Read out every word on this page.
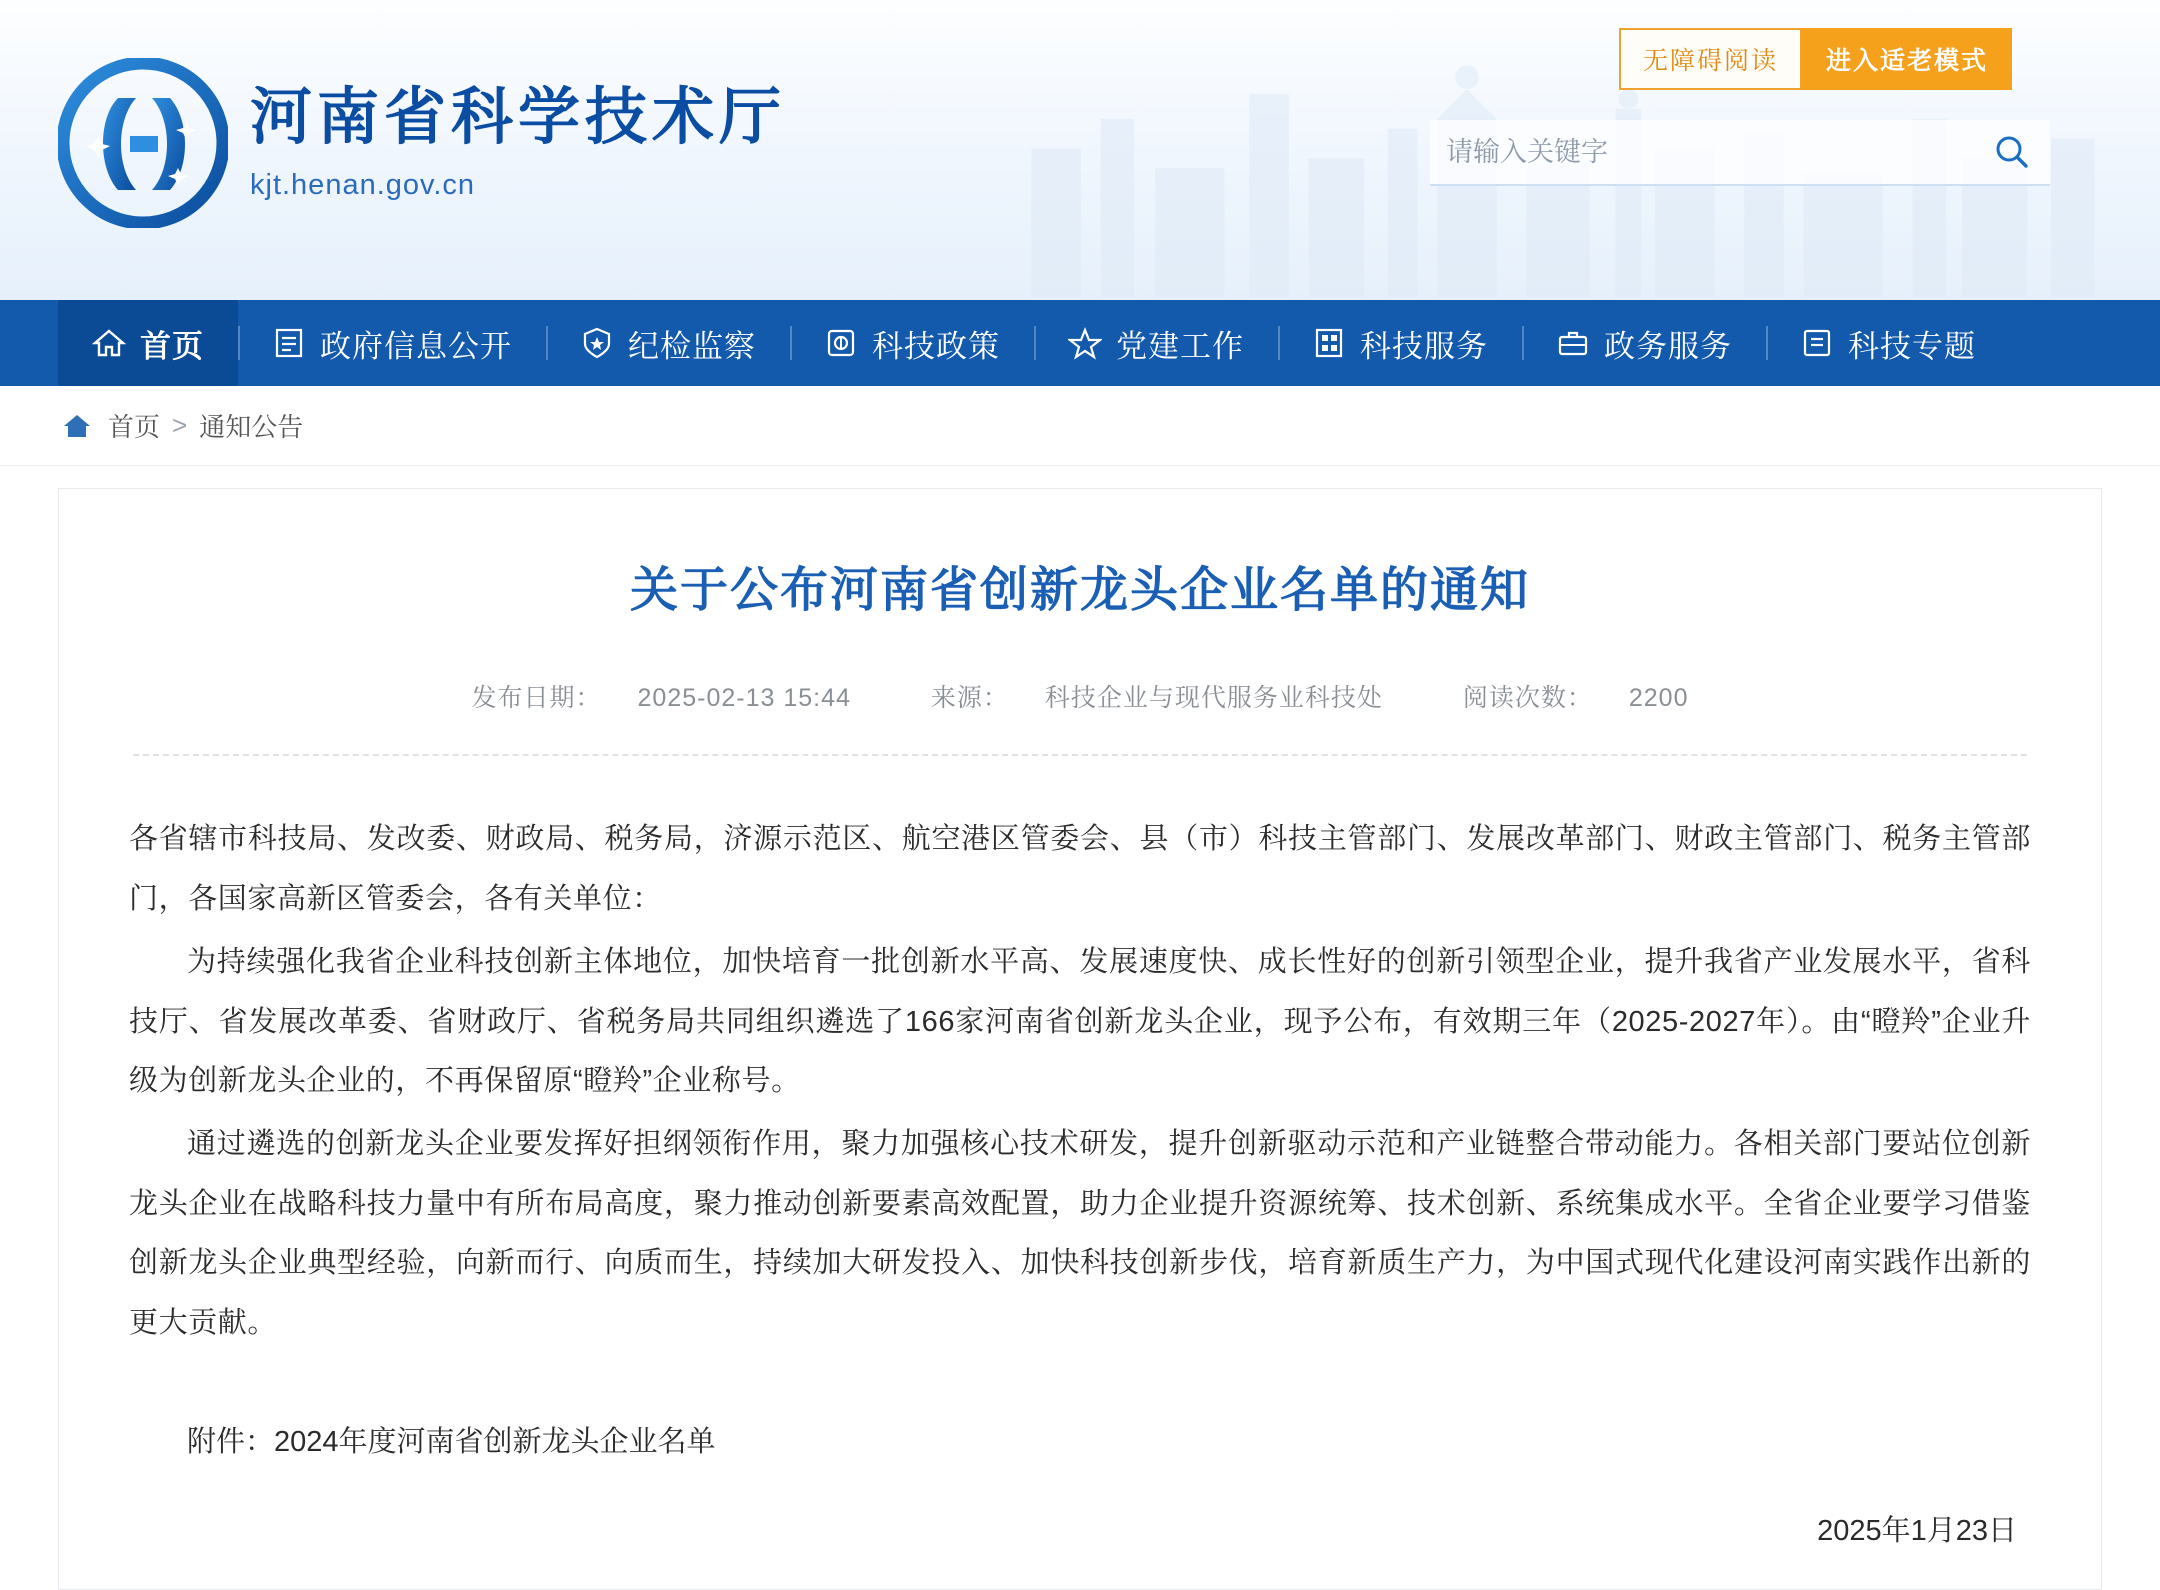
河南省科学技术厅
kjt.henan.gov.cn
无障碍阅读	进入适老模式
请输入关键字
首页	政府信息公开	纪检监察	科技政策	党建工作	科技服务	政务服务	科技专题
首页 > 通知公告
关于公布河南省创新龙头企业名单的通知
发布日期： 2025-02-13 15:44	来源： 科技企业与现代服务业科技处	阅读次数： 2200

各省辖市科技局、发改委、财政局、税务局，济源示范区、航空港区管委会、县（市）科技主管部门、发展改革部门、财政主管部门、税务主管部门，各国家高新区管委会，各有关单位：

为持续强化我省企业科技创新主体地位，加快培育一批创新水平高、发展速度快、成长性好的创新引领型企业，提升我省产业发展水平，省科技厅、省发展改革委、省财政厅、省税务局共同组织遴选了166家河南省创新龙头企业，现予公布，有效期三年（2025-2027年）。由“瞪羚”企业升级为创新龙头企业的，不再保留原“瞪羚”企业称号。

通过遴选的创新龙头企业要发挥好担纲领衔作用，聚力加强核心技术研发，提升创新驱动示范和产业链整合带动能力。各相关部门要站位创新龙头企业在战略科技力量中有所布局高度，聚力推动创新要素高效配置，助力企业提升资源统筹、技术创新、系统集成水平。全省企业要学习借鉴创新龙头企业典型经验，向新而行、向质而生，持续加大研发投入、加快科技创新步伐，培育新质生产力，为中国式现代化建设河南实践作出新的更大贡献。

附件：2024年度河南省创新龙头企业名单
2025年1月23日
